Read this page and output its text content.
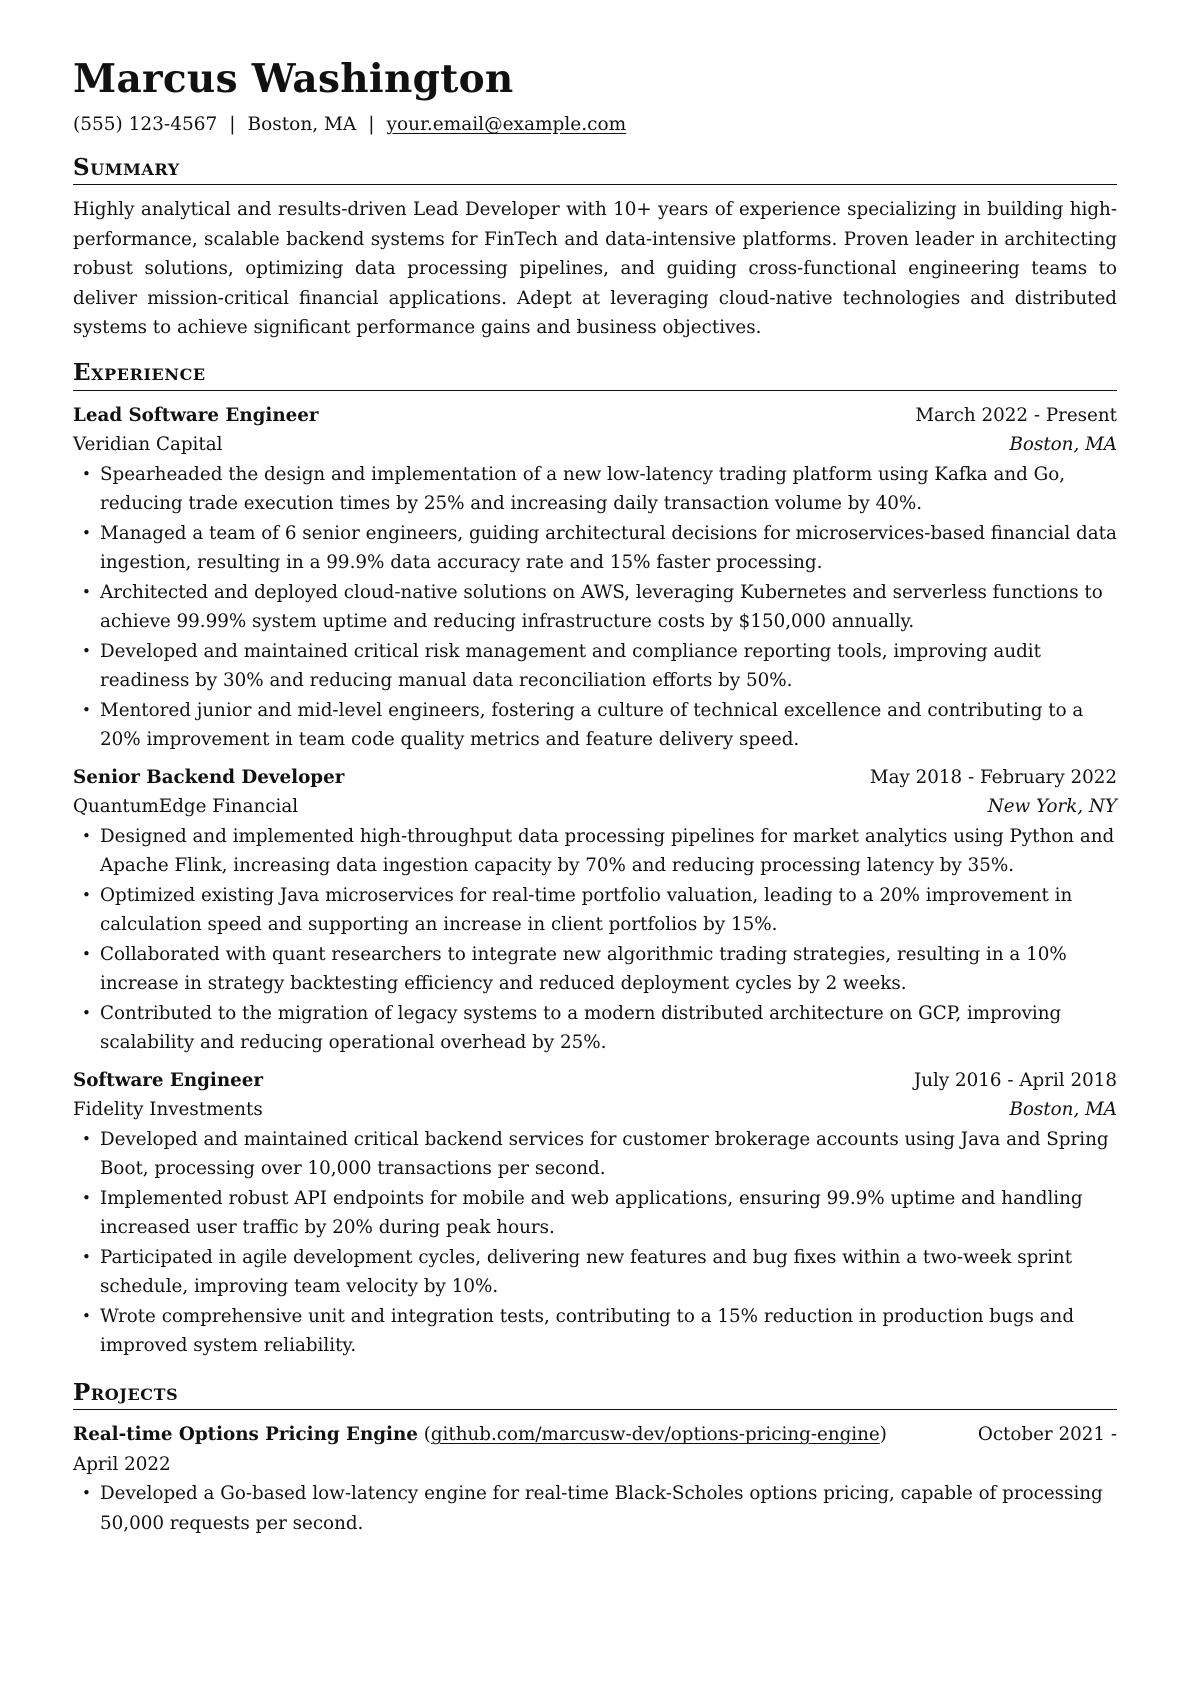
Marcus Washington
(555) 123-4567 | Boston, MA | your.email@example.com
Summary

Highly analytical and results-driven Lead Developer with 10+ years of experience specializing in building high-performance, scalable backend systems for FinTech and data-intensive platforms. Proven leader in architecting robust solutions, optimizing data processing pipelines, and guiding cross-functional engineering teams to deliver mission-critical financial applications. Adept at leveraging cloud-native technologies and distributed systems to achieve significant performance gains and business objectives.

Experience
Lead Software Engineer	March 2022 - Present
Veridian Capital	Boston, MA
• Spearheaded the design and implementation of a new low-latency trading platform using Kafka and Go, reducing trade execution times by 25% and increasing daily transaction volume by 40%.
• Managed a team of 6 senior engineers, guiding architectural decisions for microservices-based financial data ingestion, resulting in a 99.9% data accuracy rate and 15% faster processing.
• Architected and deployed cloud-native solutions on AWS, leveraging Kubernetes and serverless functions to achieve 99.99% system uptime and reducing infrastructure costs by $150,000 annually.
• Developed and maintained critical risk management and compliance reporting tools, improving audit readiness by 30% and reducing manual data reconciliation efforts by 50%.
• Mentored junior and mid-level engineers, fostering a culture of technical excellence and contributing to a 20% improvement in team code quality metrics and feature delivery speed.
Senior Backend Developer	May 2018 - February 2022
QuantumEdge Financial	New York, NY
• Designed and implemented high-throughput data processing pipelines for market analytics using Python and Apache Flink, increasing data ingestion capacity by 70% and reducing processing latency by 35%.
• Optimized existing Java microservices for real-time portfolio valuation, leading to a 20% improvement in calculation speed and supporting an increase in client portfolios by 15%.
• Collaborated with quant researchers to integrate new algorithmic trading strategies, resulting in a 10% increase in strategy backtesting efficiency and reduced deployment cycles by 2 weeks.
• Contributed to the migration of legacy systems to a modern distributed architecture on GCP, improving scalability and reducing operational overhead by 25%.
Software Engineer	July 2016 - April 2018
Fidelity Investments	Boston, MA
• Developed and maintained critical backend services for customer brokerage accounts using Java and Spring Boot, processing over 10,000 transactions per second.
• Implemented robust API endpoints for mobile and web applications, ensuring 99.9% uptime and handling increased user traffic by 20% during peak hours.
• Participated in agile development cycles, delivering new features and bug fixes within a two-week sprint schedule, improving team velocity by 10%.
• Wrote comprehensive unit and integration tests, contributing to a 15% reduction in production bugs and improved system reliability.
Projects
Real-time Options Pricing Engine (github.com/marcusw-dev/options-pricing-engine)	October 2021 -

April 2022
• Developed a Go-based low-latency engine for real-time Black-Scholes options pricing, capable of processing 50,000 requests per second.
